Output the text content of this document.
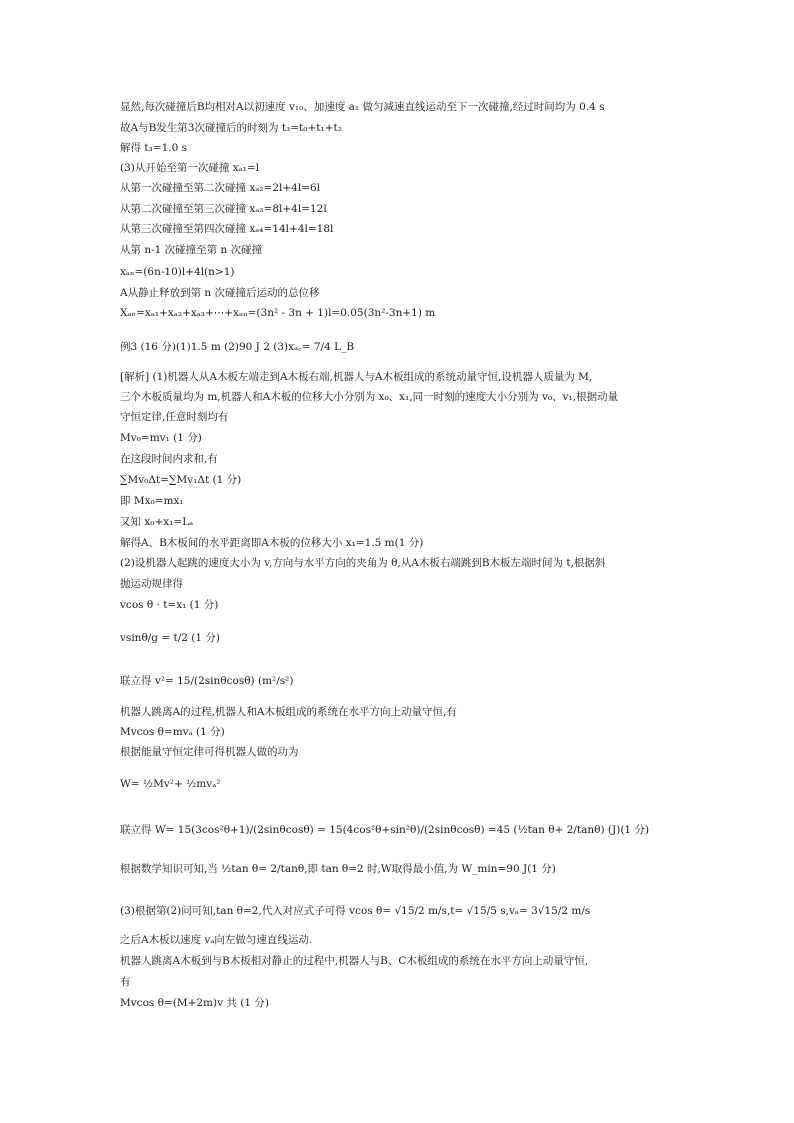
显然,每次碰撞后B均相对A以初速度 v₁₀、加速度 a₁ 做匀减速直线运动至下一次碰撞,经过时间均为 0.4 s
故A与B发生第3次碰撞后的时刻为 t₃=t₀+t₁+t₂
解得 t₃=1.0 s
(3)从开始至第一次碰撞 xₐ₁=l
从第一次碰撞至第二次碰撞 xₐ₂=2l+4l=6l
从第二次碰撞至第三次碰撞 xₐ₃=8l+4l=12l
从第三次碰撞至第四次碰撞 xₐ₄=14l+4l=18l
从第 n-1 次碰撞至第 n 次碰撞
xₐₙ=(6n-10)l+4l(n>1)
A从静止释放到第 n 次碰撞后运动的总位移
Xₐₙ=xₐ₁+xₐ₂+xₐ₃+⋯+xₐₙ=(3n² - 3n + 1)l=0.05(3n²-3n+1) m
例3 (16 分)(1)1.5 m (2)90 J 2 (3)xₐ꜀= 7/4 L_B
[解析] (1)机器人从A木板左端走到A木板右端,机器人与A木板组成的系统动量守恒,设机器人质量为 M,
三个木板质量均为 m,机器人和A木板的位移大小分别为 x₀、x₁,同一时刻的速度大小分别为 v₀、v₁,根据动量
守恒定律,任意时刻均有
Mv₀=mv₁ (1 分)
在这段时间内求和,有
∑Mv₀Δt=∑Mv₁Δt (1 分)
即 Mx₀=mx₁
又知 x₀+x₁=Lₐ
解得A、B木板间的水平距离即A木板的位移大小 x₁=1.5 m(1 分)
(2)设机器人起跳的速度大小为 v,方向与水平方向的夹角为 θ,从A木板右端跳到B木板左端时间为 t,根据斜
抛运动规律得
vcos θ · t=x₁ (1 分)
vsinθ/g = t/2 (1 分)
联立得 v²= 15/(2sinθcosθ) (m²/s²)
机器人跳离A的过程,机器人和A木板组成的系统在水平方向上动量守恒,有
Mvcos θ=mvₐ (1 分)
根据能量守恒定律可得机器人做的功为
W= ½Mv²+ ½mvₐ²
联立得 W= 15(3cos²θ+1)/(2sinθcosθ) = 15(4cos²θ+sin²θ)/(2sinθcosθ) =45 (½tan θ+ 2/tanθ) (J)(1 分)
根据数学知识可知,当 ½tan θ= 2/tanθ,即 tan θ=2 时,W取得最小值,为 W_min=90 J(1 分)
(3)根据第(2)问可知,tan θ=2,代入对应式子可得 vcos θ= √15/2 m/s,t= √15/5 s,vₐ= 3√15/2 m/s
之后A木板以速度 vₐ向左做匀速直线运动.
机器人跳离A木板到与B木板相对静止的过程中,机器人与B、C木板组成的系统在水平方向上动量守恒,
有
Mvcos θ=(M+2m)v 共 (1 分)
